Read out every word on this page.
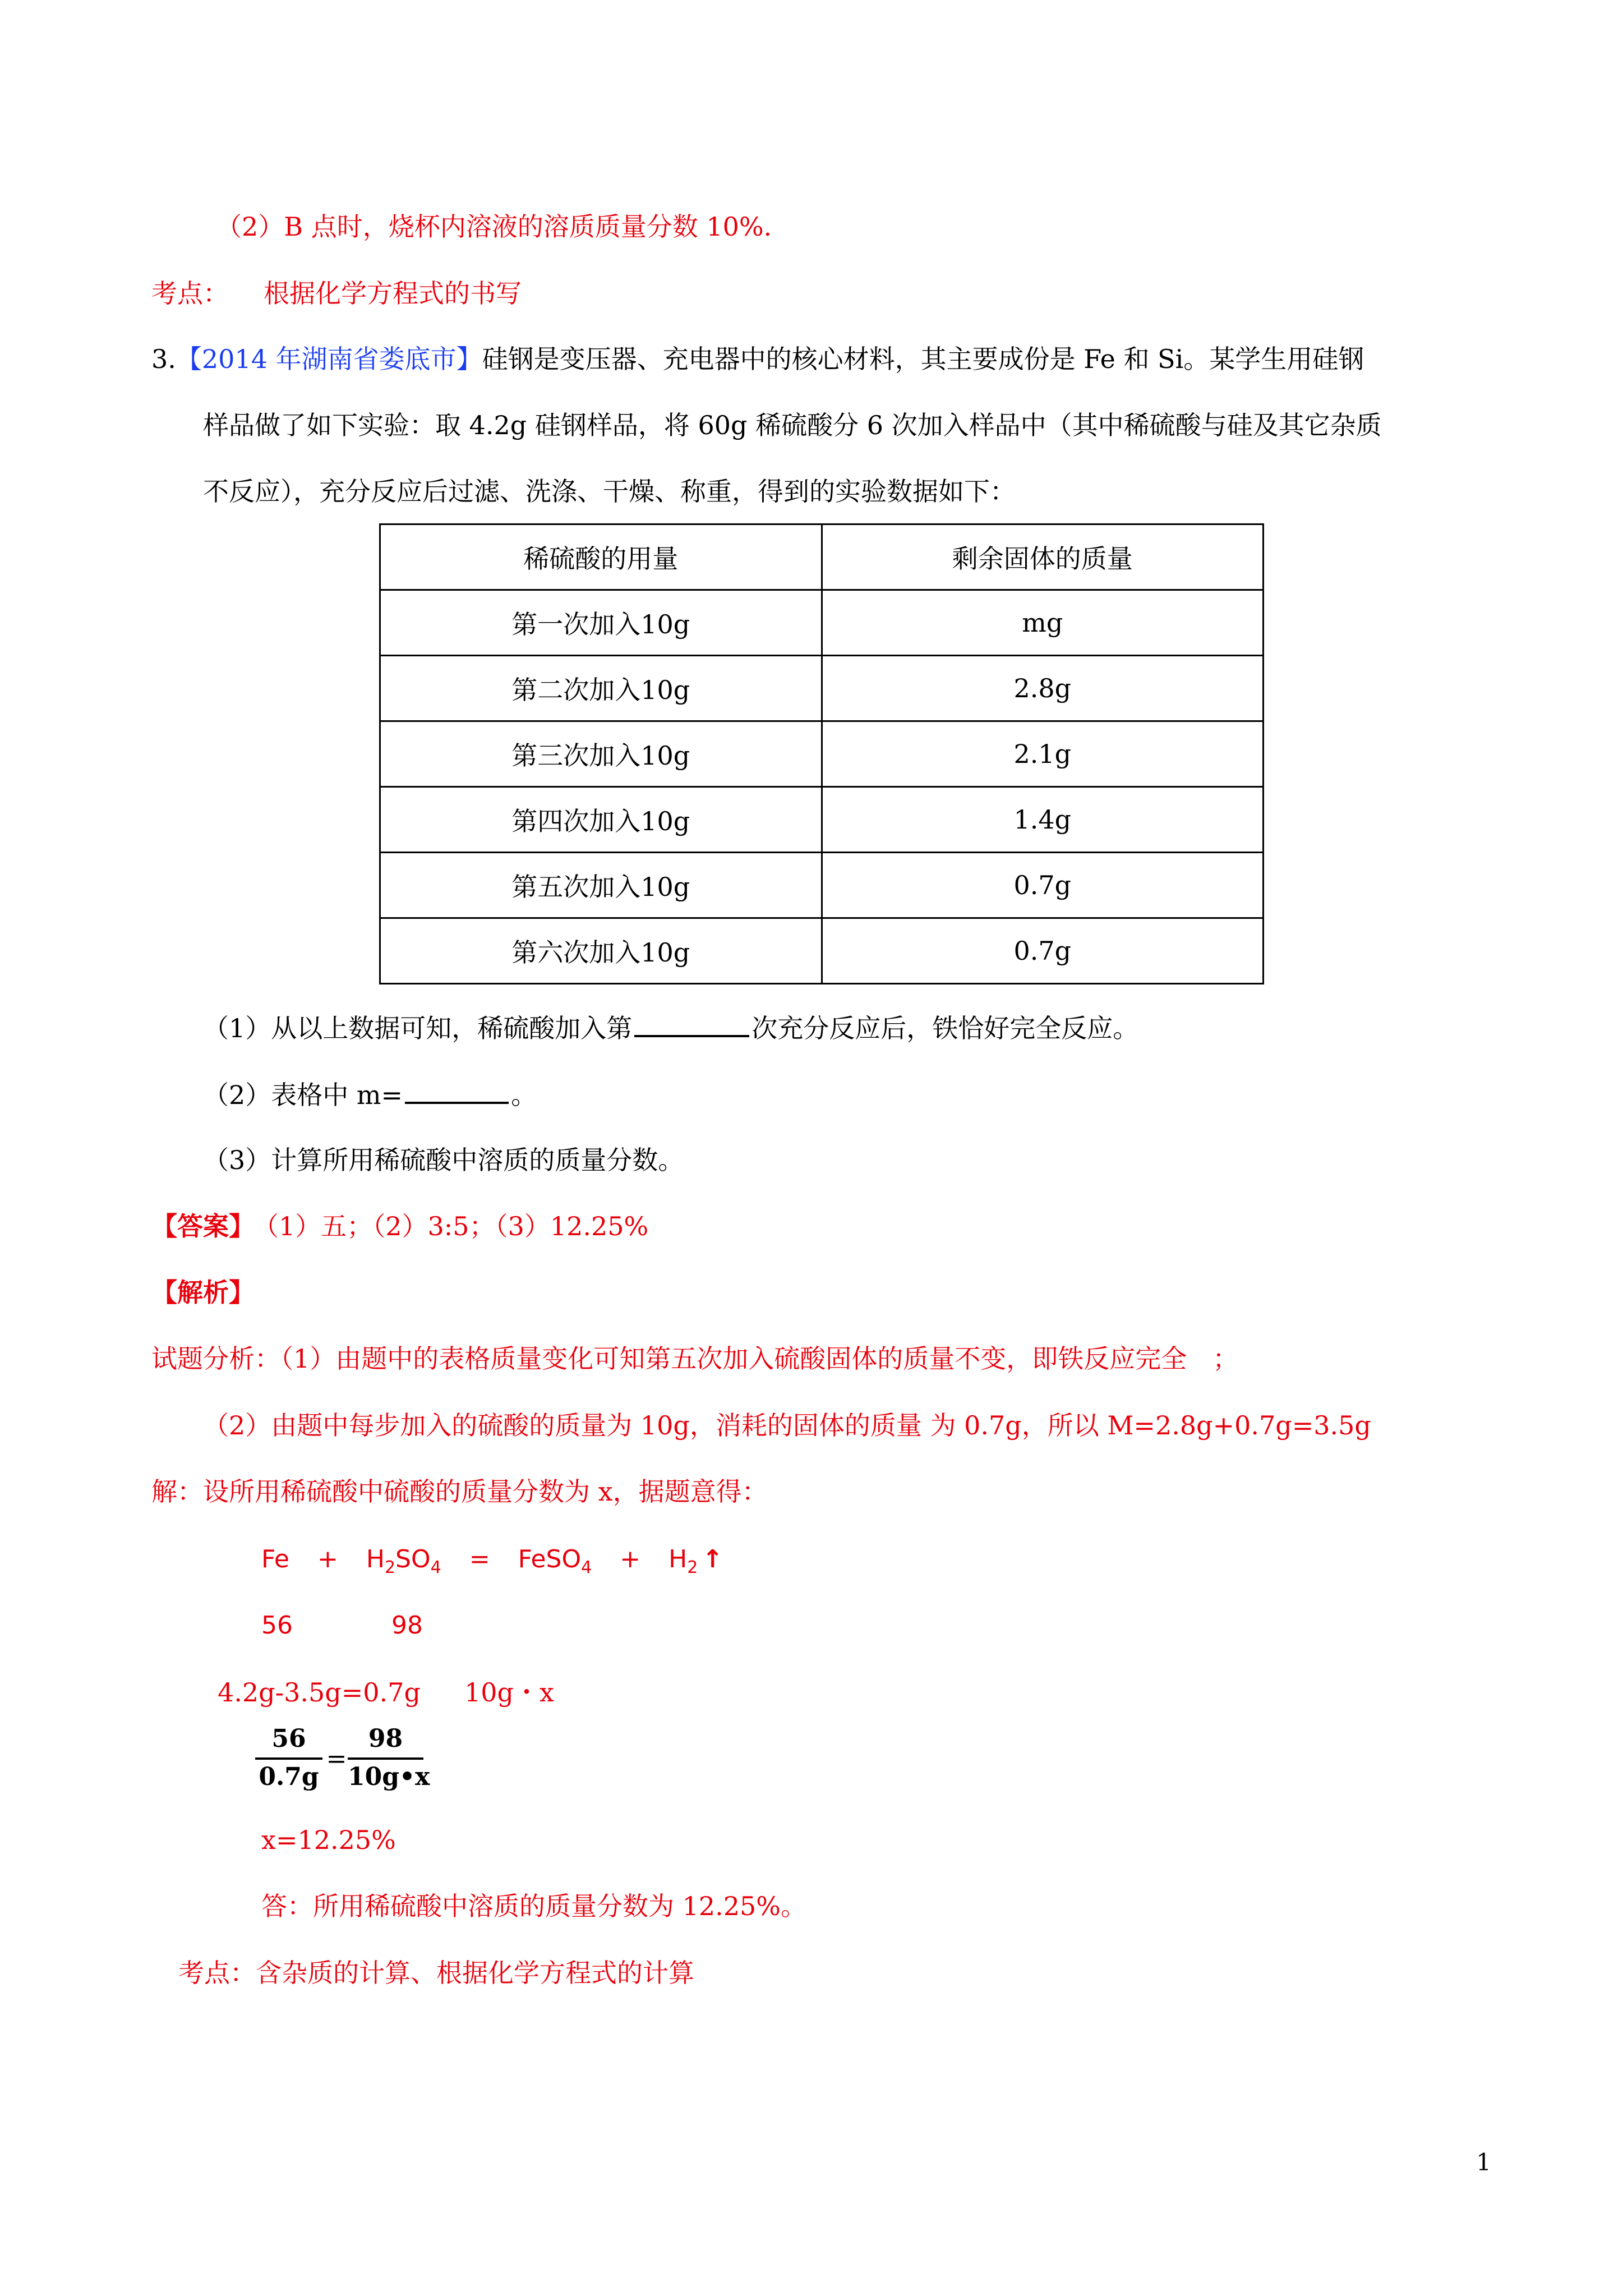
（2）B 点时，烧杯内溶液的溶质质量分数 10%.
考点： 根据化学方程式的书写
3.【2014 年湖南省娄底市】硅钢是变压器、充电器中的核心材料，其主要成份是 Fe 和 Si。某学生用硅钢
样品做了如下实验：取 4.2g 硅钢样品，将 60g 稀硫酸分 6 次加入样品中（其中稀硫酸与硅及其它杂质
不反应），充分反应后过滤、洗涤、干燥、称重，得到的实验数据如下：
稀硫酸的用量	剩余固体的质量
第一次加入10g	mg
第二次加入10g	2.8g
第三次加入10g	2.1g
第四次加入10g	1.4g
第五次加入10g	0.7g
第六次加入10g	0.7g
（1）从以上数据可知，稀硫酸加入第	次充分反应后，铁恰好完全反应。
（2）表格中 m=	。
（3）计算所用稀硫酸中溶质的质量分数。
【答案】 （1）五；（2）3:5；（3）12.25%
【解析】
试题分析：（1）由题中的表格质量变化可知第五次加入硫酸固体的质量不变，即铁反应完全　；
（2）由题中每步加入的硫酸的质量为 10g，消耗的固体的质量 为 0.7g，所以 M=2.8g+0.7g=3.5g
解：设所用稀硫酸中硫酸的质量分数为 x，据题意得：
$Fe + H_2SO_4$ = FeSO$_4$ + $H_2$ ↑
56	98
4.2g-3.5g=0.7g 10g・x
56
0.7g
=
98
10g•x
x=12.25%
答：所用稀硫酸中溶质的质量分数为 12.25%。
考点：含杂质的计算、根据化学方程式的计算
1
